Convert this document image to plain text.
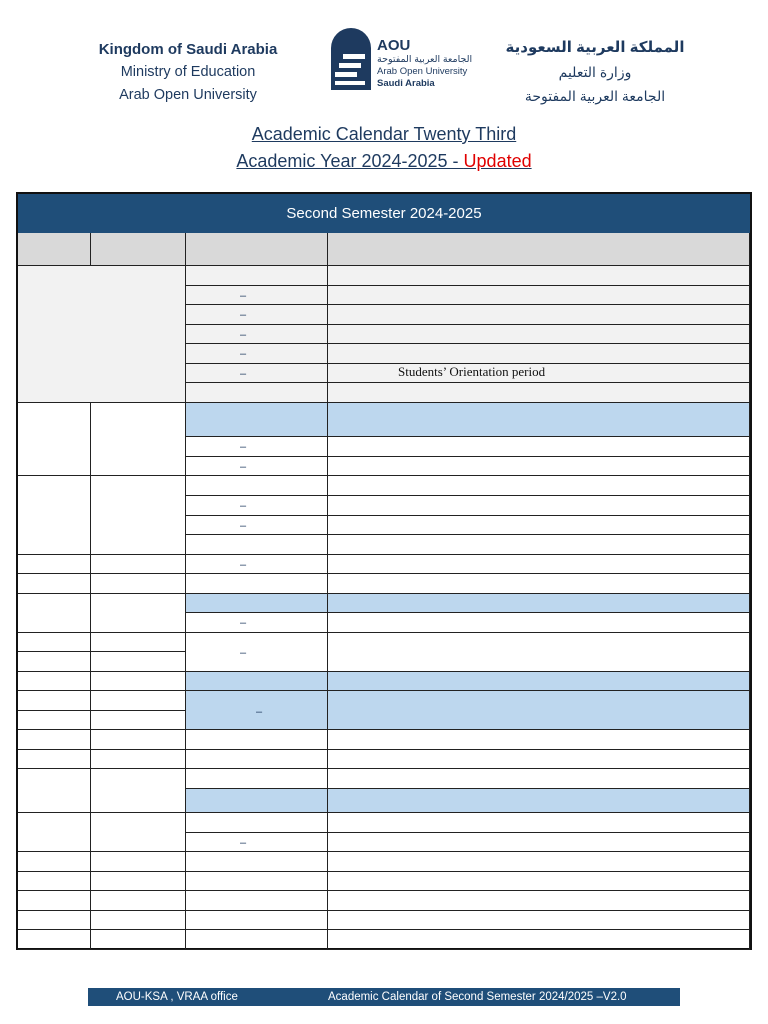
Kingdom of Saudi Arabia
Ministry of Education
Arab Open University
AOU
الجامعة العربية المفتوحة
Arab Open University
Saudi Arabia
المملكة العربية السعودية
وزارة التعليم
الجامعة العربية المفتوحة
Academic Calendar Twenty Third
Academic Year 2024-2025 - Updated
Second Semester 2024-2025
–
–
–
–
–
–
–
–
–
–
–
–
–
–
Students’ Orientation period
AOU-KSA , VRAA office	Academic Calendar of Second Semester 2024/2025 –V2.0
